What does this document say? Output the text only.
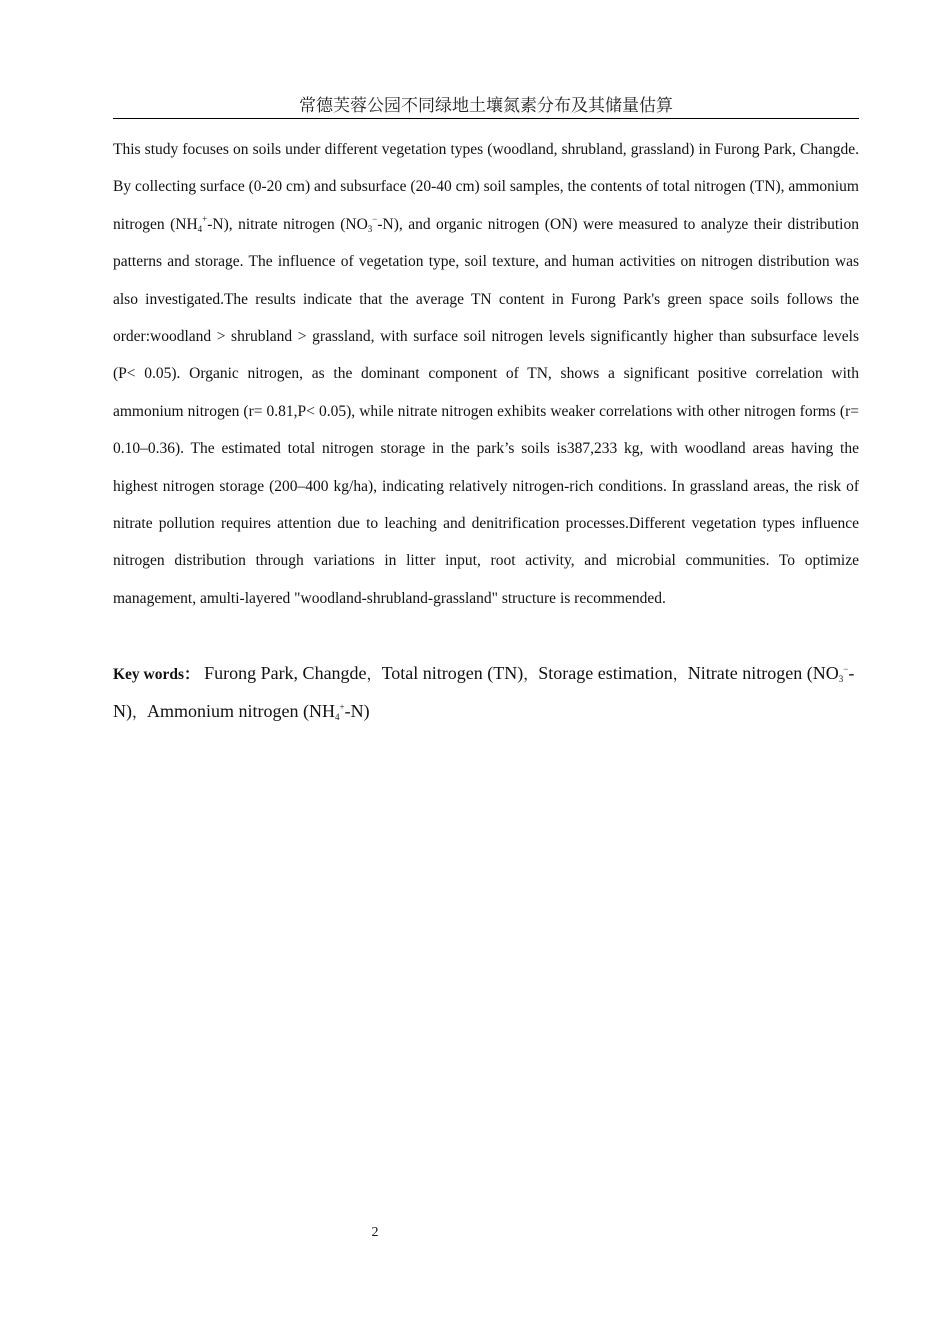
常德芙蓉公园不同绿地土壤氮素分布及其储量估算

This study focuses on soils under different vegetation types (woodland, shrubland, grassland) in Furong Park, Changde. By collecting surface (0-20 cm) and subsurface (20-40 cm) soil samples, the contents of total nitrogen (TN), ammonium nitrogen $(NH_4^+-N)$, nitrate nitrogen $(NO_3^--N)$, and organic nitrogen (ON) were measured to analyze their distribution patterns and storage. The influence of vegetation type, soil texture, and human activities on nitrogen distribution was also investigated.The results indicate that the average TN content in Furong Park's green space soils follows the order:woodland > shrubland > grassland, with surface soil nitrogen levels significantly higher than subsurface levels (P< 0.05). Organic nitrogen, as the dominant component of TN, shows a significant positive correlation with ammonium nitrogen (r= 0.81,P< 0.05), while nitrate nitrogen exhibits weaker correlations with other nitrogen forms (r= 0.10–0.36). The estimated total nitrogen storage in the park’s soils is387,233 kg, with woodland areas having the highest nitrogen storage (200–400 kg/ha), indicating relatively nitrogen-rich conditions. In grassland areas, the risk of nitrate pollution requires attention due to leaching and denitrification processes.Different vegetation types influence nitrogen distribution through variations in litter input, root activity, and microbial communities. To optimize management, amulti-layered "woodland-shrubland-grassland" structure is recommended.

Key words： Furong Park, Changde，Total nitrogen (TN)，Storage estimation，Nitrate nitrogen $(NO_3^--N)$，Ammonium nitrogen $(NH_4^+-N)$

2
